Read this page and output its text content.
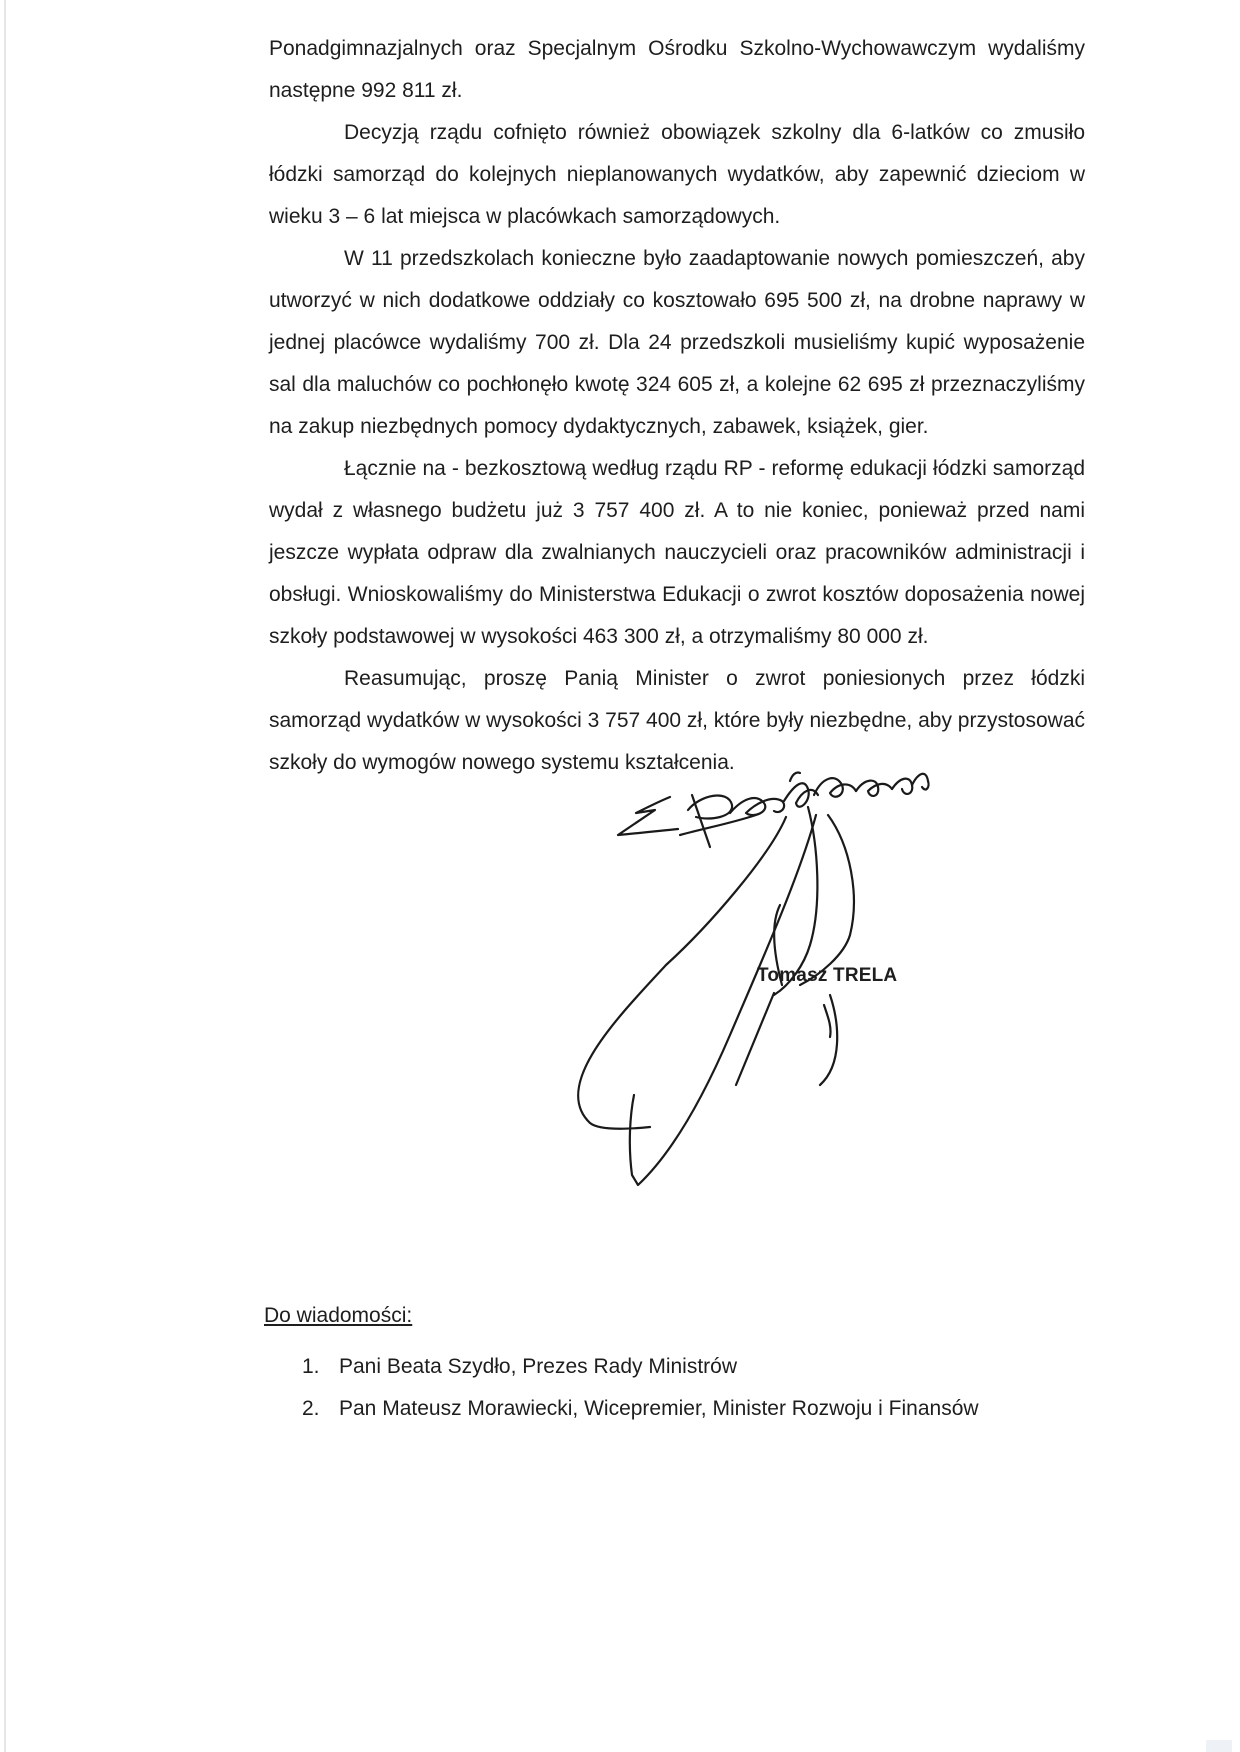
Ponadgimnazjalnych oraz Specjalnym Ośrodku Szkolno-Wychowawczym wydaliśmy następne 992 811 zł.

Decyzją rządu cofnięto również obowiązek szkolny dla 6-latków co zmusiło łódzki samorząd do kolejnych nieplanowanych wydatków, aby zapewnić dzieciom w wieku 3 – 6 lat miejsca w placówkach samorządowych.

W 11 przedszkolach konieczne było zaadaptowanie nowych pomieszczeń, aby utworzyć w nich dodatkowe oddziały co kosztowało 695 500 zł, na drobne naprawy w jednej placówce wydaliśmy 700 zł. Dla 24 przedszkoli musieliśmy kupić wyposażenie sal dla maluchów co pochłonęło kwotę 324 605 zł, a kolejne 62 695 zł przeznaczyliśmy na zakup niezbędnych pomocy dydaktycznych, zabawek, książek, gier.

Łącznie na - bezkosztową według rządu RP - reformę edukacji łódzki samorząd wydał z własnego budżetu już 3 757 400 zł. A to nie koniec, ponieważ przed nami jeszcze wypłata odpraw dla zwalnianych nauczycieli oraz pracowników administracji i obsługi. Wnioskowaliśmy do Ministerstwa Edukacji o zwrot kosztów doposażenia nowej szkoły podstawowej w wysokości 463 300 zł, a otrzymaliśmy 80 000 zł.

Reasumując, proszę Panią Minister o zwrot poniesionych przez łódzki samorząd wydatków w wysokości 3 757 400 zł, które były niezbędne, aby przystosować szkoły do wymogów nowego systemu kształcenia.

Tomasz TRELA

Do wiadomości:

1. Pani Beata Szydło, Prezes Rady Ministrów
2. Pan Mateusz Morawiecki, Wicepremier, Minister Rozwoju i Finansów
